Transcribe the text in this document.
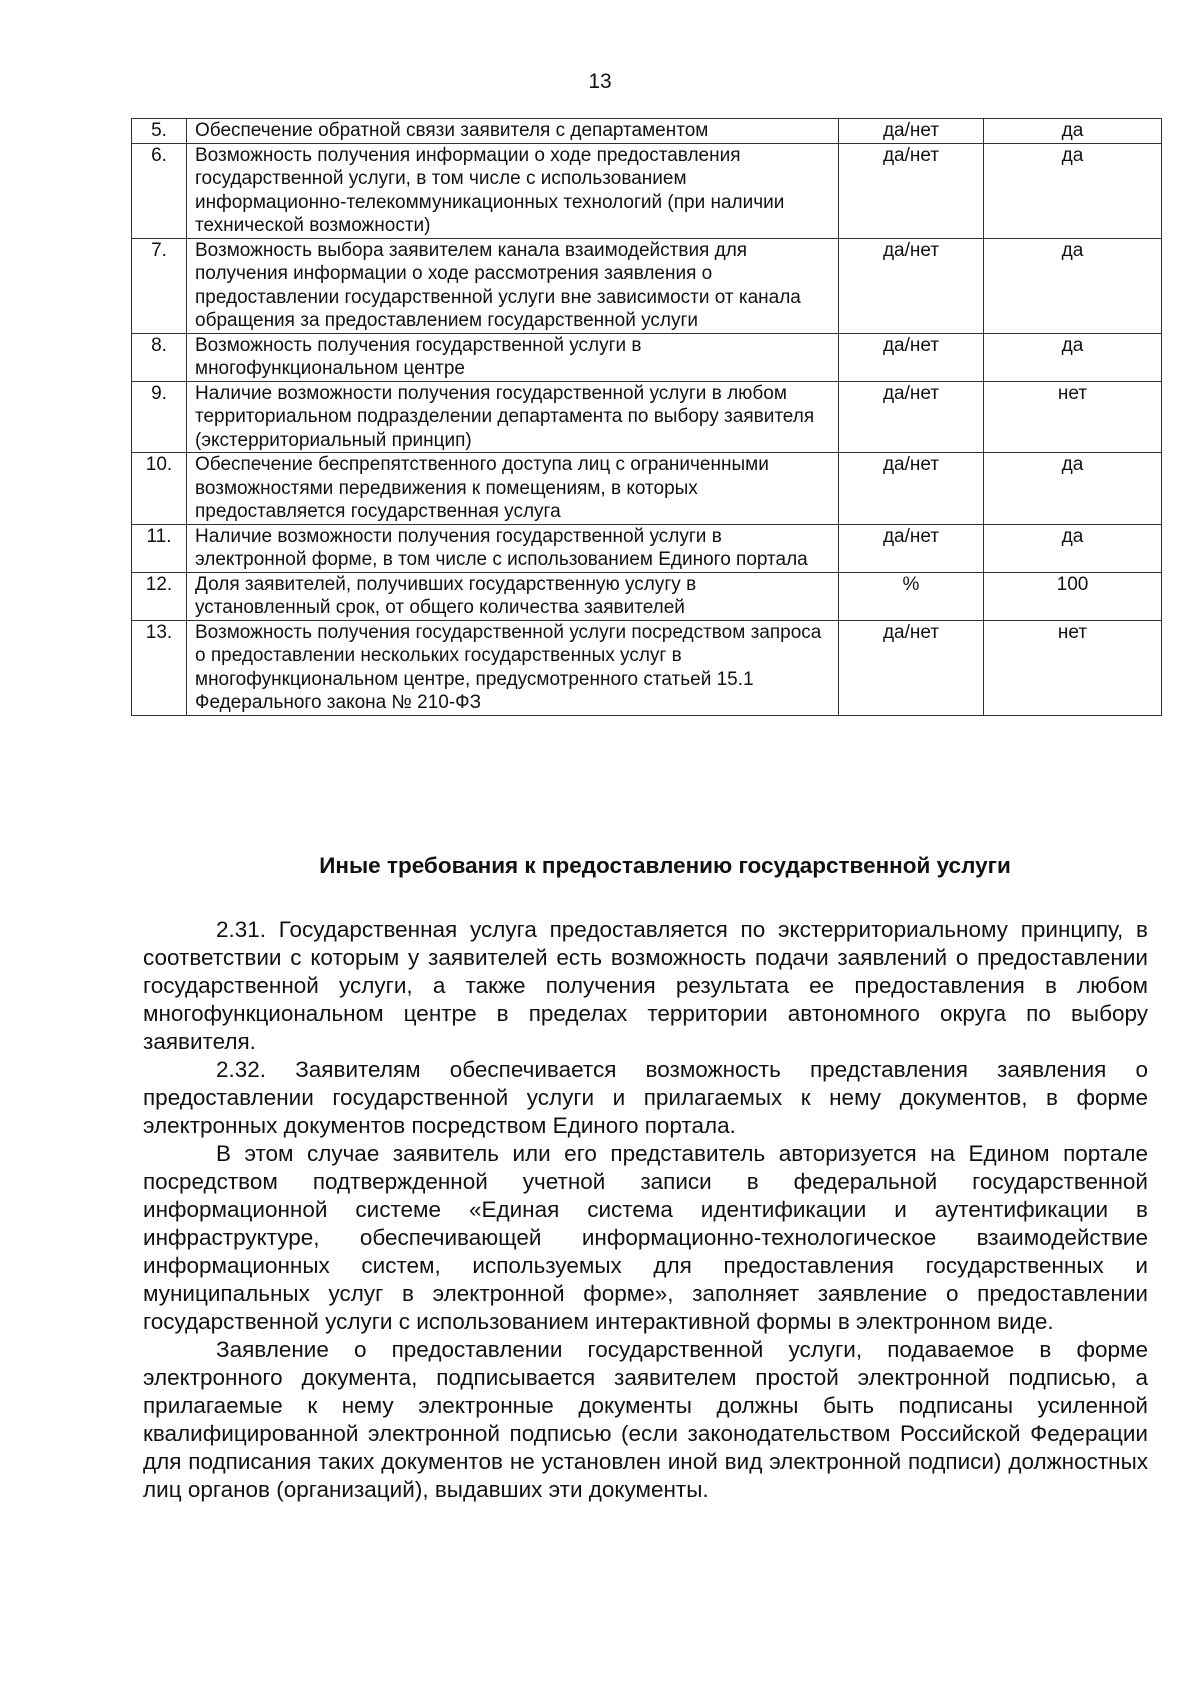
13
5.	Обеспечение обратной связи заявителя с департаментом	да/нет	да
6.	Возможность получения информации о ходе предоставления государственной услуги, в том числе с использованием информационно-телекоммуникационных технологий (при наличии технической возможности)	да/нет	да
7.	Возможность выбора заявителем канала взаимодействия для получения информации о ходе рассмотрения заявления о предоставлении государственной услуги вне зависимости от канала обращения за предоставлением государственной услуги	да/нет	да
8.	Возможность получения государственной услуги в многофункциональном центре	да/нет	да
9.	Наличие возможности получения государственной услуги в любом территориальном подразделении департамента по выбору заявителя (экстерриториальный принцип)	да/нет	нет
10.	Обеспечение беспрепятственного доступа лиц с ограниченными возможностями передвижения к помещениям, в которых предоставляется государственная услуга	да/нет	да
11.	Наличие возможности получения государственной услуги в электронной форме, в том числе с использованием Единого портала	да/нет	да
12.	Доля заявителей, получивших государственную услугу в установленный срок, от общего количества заявителей	%	100
13.	Возможность получения государственной услуги посредством запроса о предоставлении нескольких государственных услуг в многофункциональном центре, предусмотренного статьей 15.1 Федерального закона № 210-ФЗ	да/нет	нет
Иные требования к предоставлению государственной услуги

2.31. Государственная услуга предоставляется по экстерриториальному принципу, в соответствии с которым у заявителей есть возможность подачи заявлений о предоставлении государственной услуги, а также получения результата ее предоставления в любом многофункциональном центре в пределах территории автономного округа по выбору заявителя.

2.32. Заявителям обеспечивается возможность представления заявления о предоставлении государственной услуги и прилагаемых к нему документов, в форме электронных документов посредством Единого портала.

В этом случае заявитель или его представитель авторизуется на Едином портале посредством подтвержденной учетной записи в федеральной государственной информационной системе «Единая система идентификации и аутентификации в инфраструктуре, обеспечивающей информационно-технологическое взаимодействие информационных систем, используемых для предоставления государственных и муниципальных услуг в электронной форме», заполняет заявление о предоставлении государственной услуги с использованием интерактивной формы в электронном виде.

Заявление о предоставлении государственной услуги, подаваемое в форме электронного документа, подписывается заявителем простой электронной подписью, а прилагаемые к нему электронные документы должны быть подписаны усиленной квалифицированной электронной подписью (если законодательством Российской Федерации для подписания таких документов не установлен иной вид электронной подписи) должностных лиц органов (организаций), выдавших эти документы.
